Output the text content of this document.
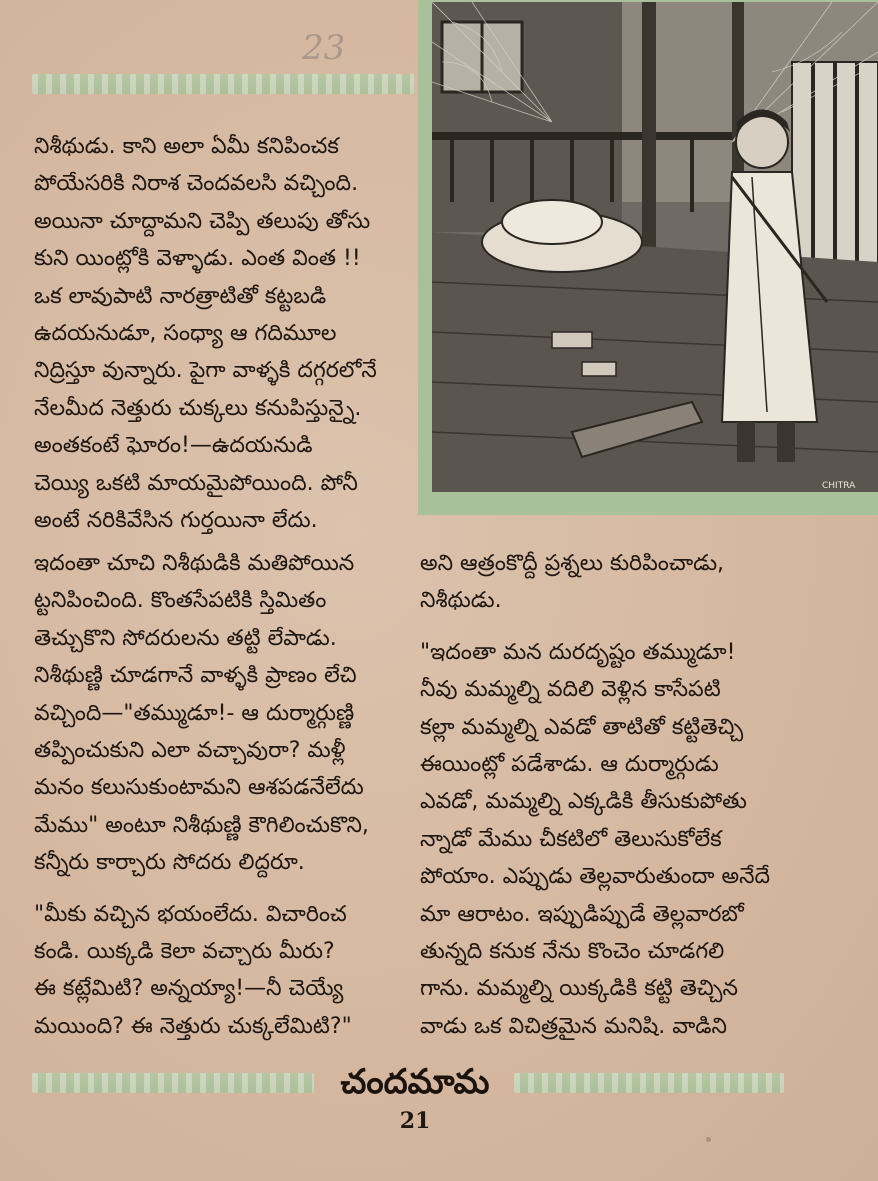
23
CHITRA

నిశీథుడు. కాని అలా ఏమీ కనిపించక
పోయేసరికి నిరాశ చెందవలసి వచ్చింది.
అయినా చూద్దామని చెప్పి తలుపు తోసు
కుని యింట్లోకి వెళ్ళాడు. ఎంత వింత !!
ఒక లావుపాటి నారత్రాటితో కట్టబడి
ఉదయనుడూ, సంధ్యా ఆ గదిమూల
నిద్రిస్తూ వున్నారు. పైగా వాళ్ళకి దగ్గరలోనే
నేలమీద నెత్తురు చుక్కలు కనుపిస్తున్నై.
అంతకంటే ఘోరం!—ఉదయనుడి
చెయ్యి ఒకటి మాయమైపోయింది. పోనీ
అంటే నరికివేసిన గుర్తయినా లేదు.

ఇదంతా చూచి నిశీథుడికి మతిపోయిన
ట్టనిపించింది. కొంతసేపటికి స్తిమితం
తెచ్చుకొని సోదరులను తట్టి లేపాడు.
నిశీథుణ్ణి చూడగానే వాళ్ళకి ప్రాణం లేచి
వచ్చింది—"తమ్ముడూ!- ఆ దుర్మార్గుణ్ణి
తప్పించుకుని ఎలా వచ్చావురా? మళ్లీ
మనం కలుసుకుంటామని ఆశపడనేలేదు
మేము" అంటూ నిశీథుణ్ణి కౌగిలించుకొని,
కన్నీరు కార్చారు సోదరు లిద్దరూ.

"మీకు వచ్చిన భయంలేదు. విచారించ
కండి. యిక్కడి కెలా వచ్చారు మీరు?
ఈ కట్లేమిటి? అన్నయ్యా!—నీ చెయ్యే
మయింది? ఈ నెత్తురు చుక్కలేమిటి?"

అని ఆత్రంకొద్దీ ప్రశ్నలు కురిపించాడు,
నిశీథుడు.

"ఇదంతా మన దురదృష్టం తమ్ముడూ!
నీవు మమ్మల్ని వదిలి వెళ్లిన కాసేపటి
కల్లా మమ్మల్ని ఎవడో తాటితో కట్టితెచ్చి
ఈయింట్లో పడేశాడు. ఆ దుర్మార్గుడు
ఎవడో, మమ్మల్ని ఎక్కడికి తీసుకుపోతు
న్నాడో మేము చీకటిలో తెలుసుకోలేక
పోయాం. ఎప్పుడు తెల్లవారుతుందా అనేదే
మా ఆరాటం. ఇప్పుడిప్పుడే తెల్లవారబో
తున్నది కనుక నేను కొంచెం చూడగలి
గాను. మమ్మల్ని యిక్కడికి కట్టి తెచ్చిన
వాడు ఒక విచిత్రమైన మనిషి. వాడిని

చందమామ
21
